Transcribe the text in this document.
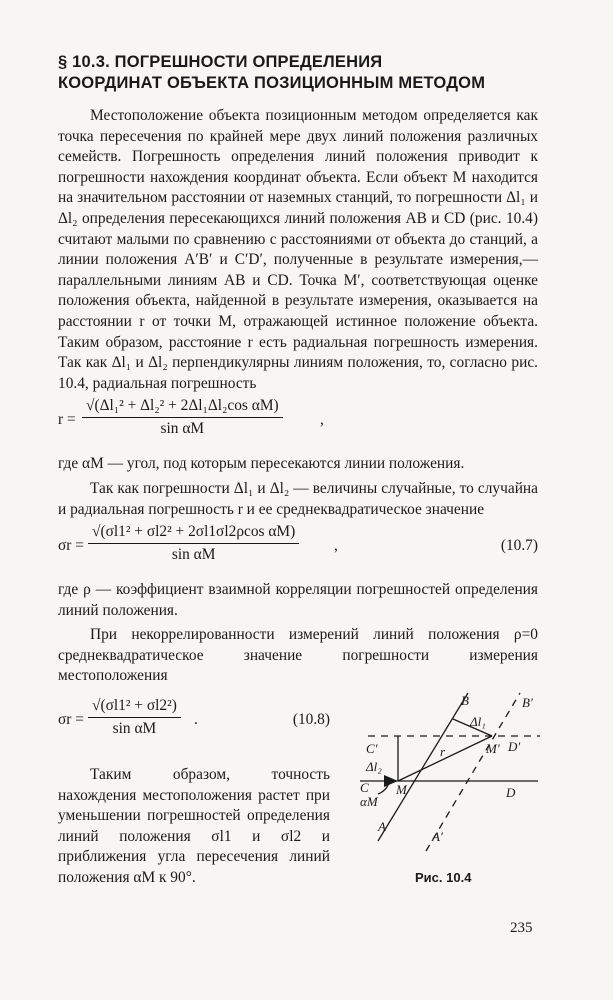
§ 10.3. ПОГРЕШНОСТИ ОПРЕДЕЛЕНИЯ
КООРДИНАТ ОБЪЕКТА ПОЗИЦИОННЫМ МЕТОДОМ

Местоположение объекта позиционным методом определяется как точка пересечения по крайней мере двух линий положения различных семейств. Погрешность определения линий положения приводит к погрешности нахождения координат объекта. Если объект M находится на значительном расстоянии от наземных станций, то погрешности Δl₁ и Δl₂ определения пересекающихся линий положения AB и CD (рис. 10.4) считают малыми по сравнению с расстояниями от объекта до станций, а линии положения A′B′ и C′D′, полученные в результате измерения,— параллельными линиям AB и CD. Точка M′, соответствующая оценке положения объекта, найденной в результате измерения, оказывается на расстоянии r от точки M, отражающей истинное положение объекта. Таким образом, расстояние r есть радиальная погрешность измерения. Так как Δl₁ и Δl₂ перпендикулярны линиям положения, то, согласно рис. 10.4, радиальная погрешность

$r = \frac{\text{√(Δl₁² + Δl₂² + 2Δl₁Δl₂cos αM)}}{\text{sin αM}}$ ,

где αM — угол, под которым пересекаются линии положения.

Так как погрешности Δl₁ и Δl₂ — величины случайные, то случайна и радиальная погрешность r и ее среднеквадратическое значение

$\sigma r = \frac{\text{√(σl1² + σl2² + 2σl1σl2ρcos αM)}}{\text{sin αM}}$ ,	(10.7)

где ρ — коэффициент взаимной корреляции погрешностей определения линий положения.

При некоррелированности измерений линий положения ρ=0 среднеквадратическое значение погрешности измерения местоположения

$\sigma r = \frac{\text{√(σl1² + σl2²)}}{\text{sin αM}}$ .	(10.8)

Таким образом, точность нахождения местоположения растет при уменьшении погрешностей определения линий положения σl1 и σl2 и приближения угла пересечения линий положения αM к 90°.

B	B′
Δl₁
C′	M′ D′
Δl₂
r
C M	D
αM
A
A′
Рис. 10.4
235
